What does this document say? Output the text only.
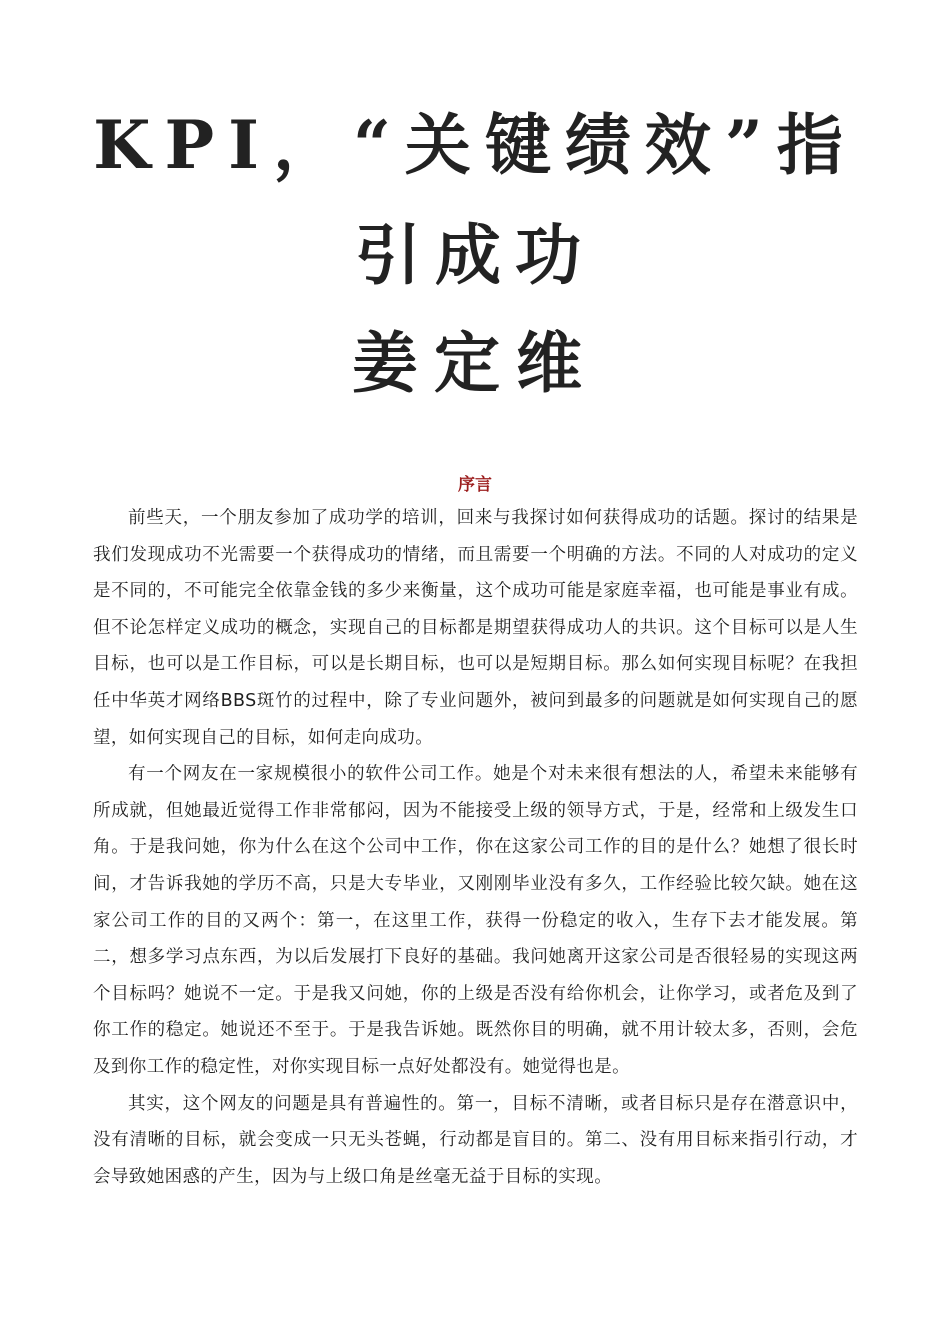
KPI，“关键绩效”指引成功
姜定维
序言

前些天，一个朋友参加了成功学的培训，回来与我探讨如何获得成功的话题。探讨的结果是我们发现成功不光需要一个获得成功的情绪，而且需要一个明确的方法。不同的人对成功的定义是不同的，不可能完全依靠金钱的多少来衡量，这个成功可能是家庭幸福，也可能是事业有成。但不论怎样定义成功的概念，实现自己的目标都是期望获得成功人的共识。这个目标可以是人生目标，也可以是工作目标，可以是长期目标，也可以是短期目标。那么如何实现目标呢？在我担任中华英才网络BBS斑竹的过程中，除了专业问题外，被问到最多的问题就是如何实现自己的愿望，如何实现自己的目标，如何走向成功。

有一个网友在一家规模很小的软件公司工作。她是个对未来很有想法的人，希望未来能够有所成就，但她最近觉得工作非常郁闷，因为不能接受上级的领导方式，于是，经常和上级发生口角。于是我问她，你为什么在这个公司中工作，你在这家公司工作的目的是什么？她想了很长时间，才告诉我她的学历不高，只是大专毕业，又刚刚毕业没有多久，工作经验比较欠缺。她在这家公司工作的目的又两个：第一，在这里工作，获得一份稳定的收入，生存下去才能发展。第二，想多学习点东西，为以后发展打下良好的基础。我问她离开这家公司是否很轻易的实现这两个目标吗？她说不一定。于是我又问她，你的上级是否没有给你机会，让你学习，或者危及到了你工作的稳定。她说还不至于。于是我告诉她。既然你目的明确，就不用计较太多，否则，会危及到你工作的稳定性，对你实现目标一点好处都没有。她觉得也是。

其实，这个网友的问题是具有普遍性的。第一，目标不清晰，或者目标只是存在潜意识中，没有清晰的目标，就会变成一只无头苍蝇，行动都是盲目的。第二、没有用目标来指引行动，才会导致她困惑的产生，因为与上级口角是丝毫无益于目标的实现。
